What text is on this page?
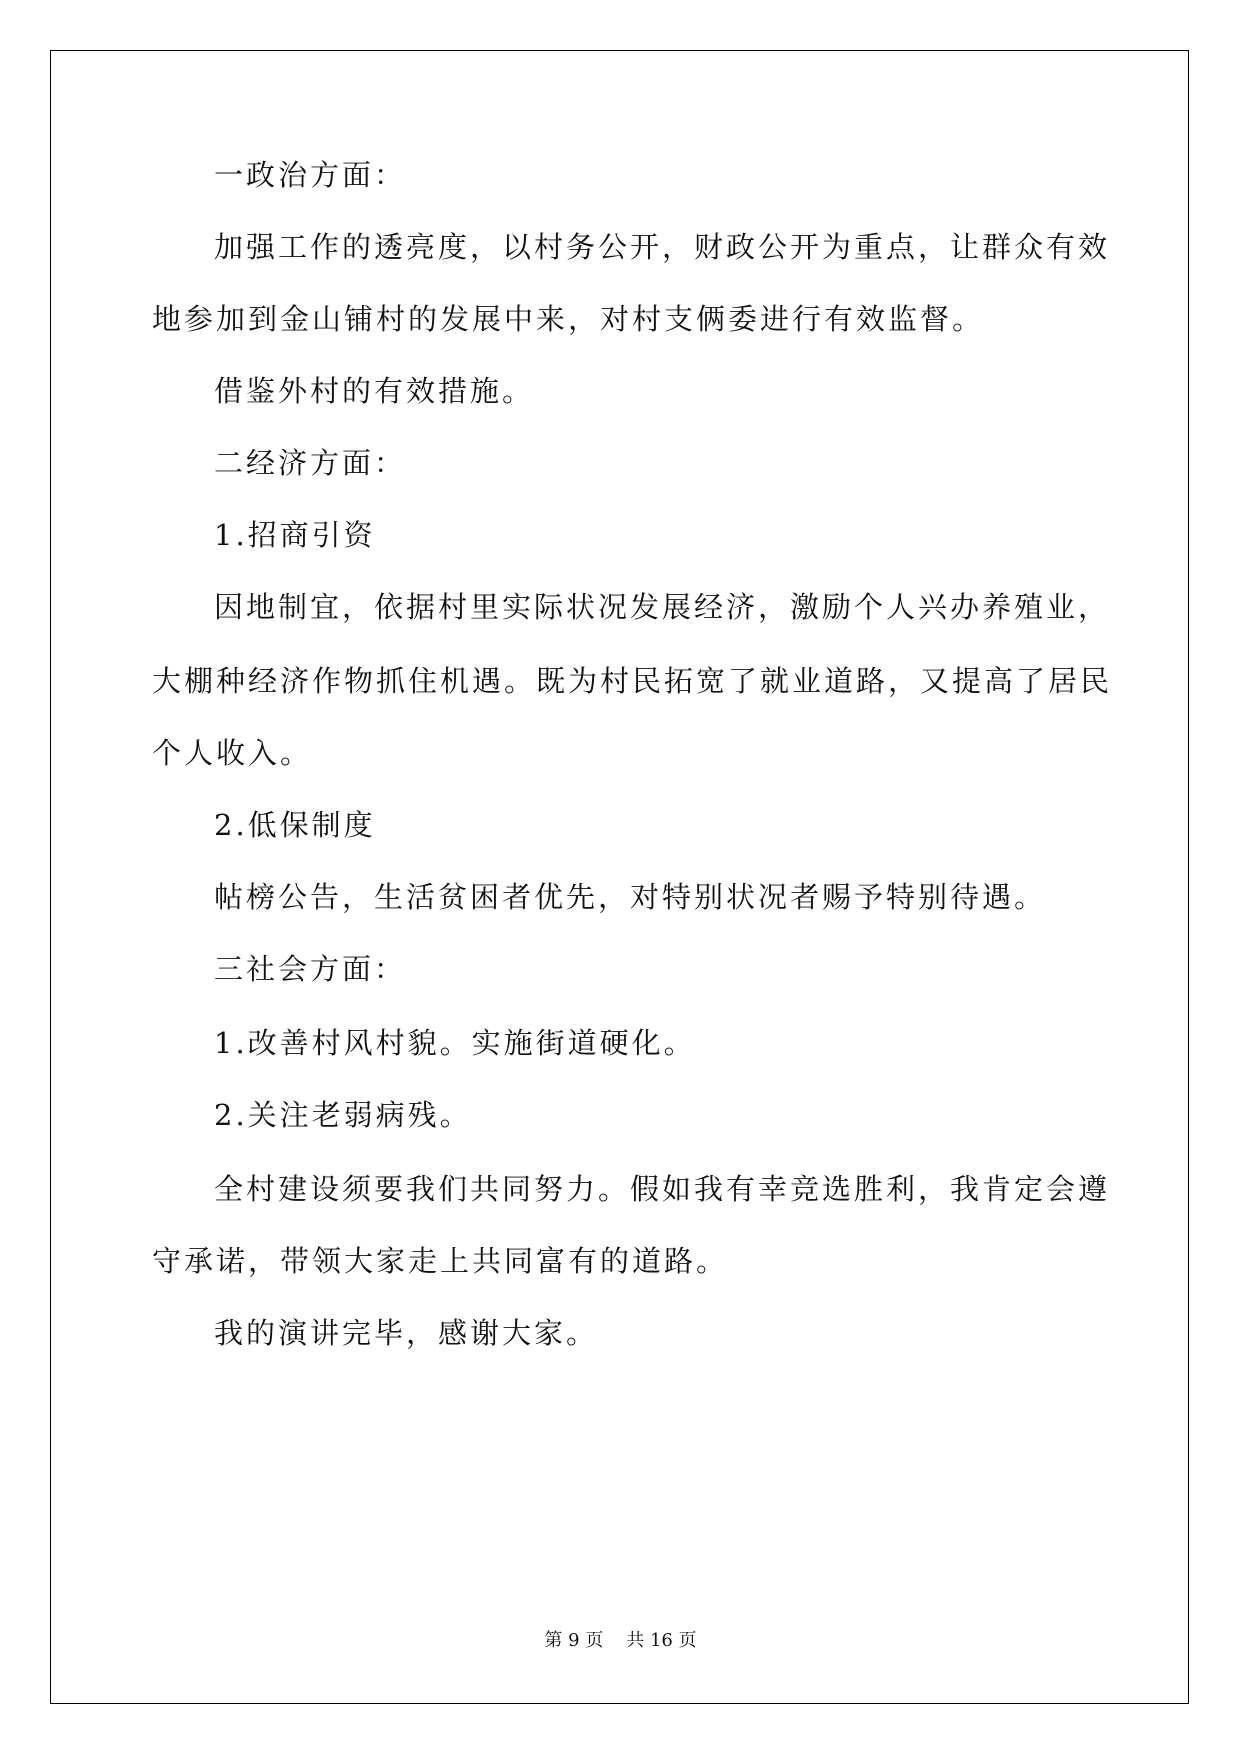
一政治方面：

加强工作的透亮度，以村务公开，财政公开为重点，让群众有效

地参加到金山铺村的发展中来，对村支俩委进行有效监督。

借鉴外村的有效措施。

二经济方面：

1.招商引资

因地制宜，依据村里实际状况发展经济，激励个人兴办养殖业，

大棚种经济作物抓住机遇。既为村民拓宽了就业道路，又提高了居民

个人收入。

2.低保制度

帖榜公告，生活贫困者优先，对特别状况者赐予特别待遇。

三社会方面：

1.改善村风村貌。实施街道硬化。

2.关注老弱病残。

全村建设须要我们共同努力。假如我有幸竞选胜利，我肯定会遵

守承诺，带领大家走上共同富有的道路。

我的演讲完毕，感谢大家。

第 9 页 共 16 页
